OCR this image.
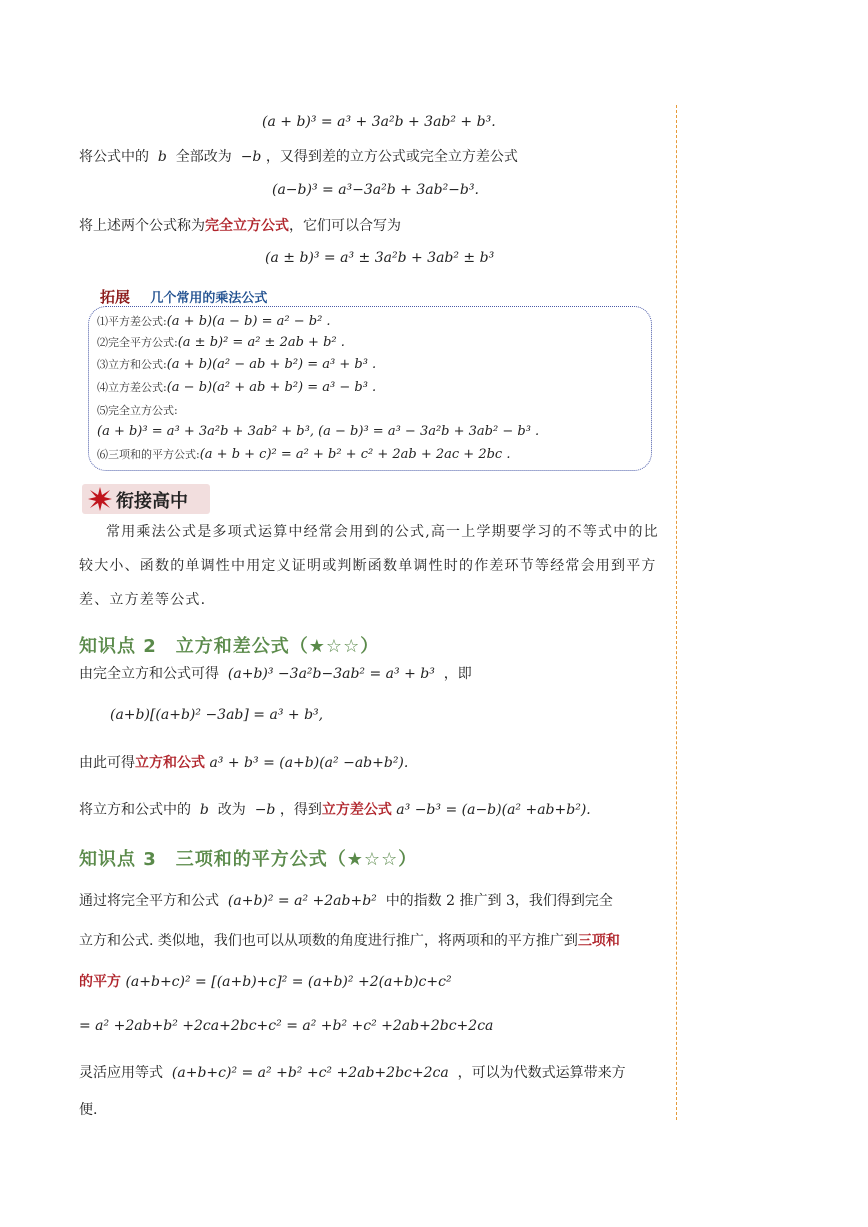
(a + b)³ = a³ + 3a²b + 3ab² + b³.
将公式中的 b 全部改为 −b ，又得到差的立方公式或完全立方差公式
(a−b)³ = a³−3a²b + 3ab²−b³.
将上述两个公式称为完全立方公式，它们可以合写为
(a ± b)³ = a³ ± 3a²b + 3ab² ± b³
拓展 几个常用的乘法公式
⑴平方差公式:(a + b)(a − b) = a² − b² .
⑵完全平方公式:(a ± b)² = a² ± 2ab + b² .
⑶立方和公式:(a + b)(a² − ab + b²) = a³ + b³ .
⑷立方差公式:(a − b)(a² + ab + b²) = a³ − b³ .
⑸完全立方公式:
(a + b)³ = a³ + 3a²b + 3ab² + b³, (a − b)³ = a³ − 3a²b + 3ab² − b³ .
⑹三项和的平方公式:(a + b + c)² = a² + b² + c² + 2ab + 2ac + 2bc .
衔接高中
常用乘法公式是多项式运算中经常会用到的公式,高一上学期要学习的不等式中的比
较大小、函数的单调性中用定义证明或判断函数单调性时的作差环节等经常会用到平方
差、立方差等公式.
知识点 2　立方和差公式（★☆☆）
由完全立方和公式可得 (a+b)³ −3a²b−3ab² = a³ + b³ ，即
(a+b)[(a+b)² −3ab] = a³ + b³,
由此可得立方和公式 a³ + b³ = (a+b)(a² −ab+b²).
将立方和公式中的 b 改为 −b ，得到立方差公式 a³ −b³ = (a−b)(a² +ab+b²).
知识点 3　三项和的平方公式（★☆☆）
通过将完全平方和公式 (a+b)² = a² +2ab+b² 中的指数 2 推广到 3，我们得到完全
立方和公式. 类似地，我们也可以从项数的角度进行推广，将两项和的平方推广到三项和
的平方 (a+b+c)² = [(a+b)+c]² = (a+b)² +2(a+b)c+c²
= a² +2ab+b² +2ca+2bc+c² = a² +b² +c² +2ab+2bc+2ca
灵活应用等式 (a+b+c)² = a² +b² +c² +2ab+2bc+2ca ，可以为代数式运算带来方
便.
